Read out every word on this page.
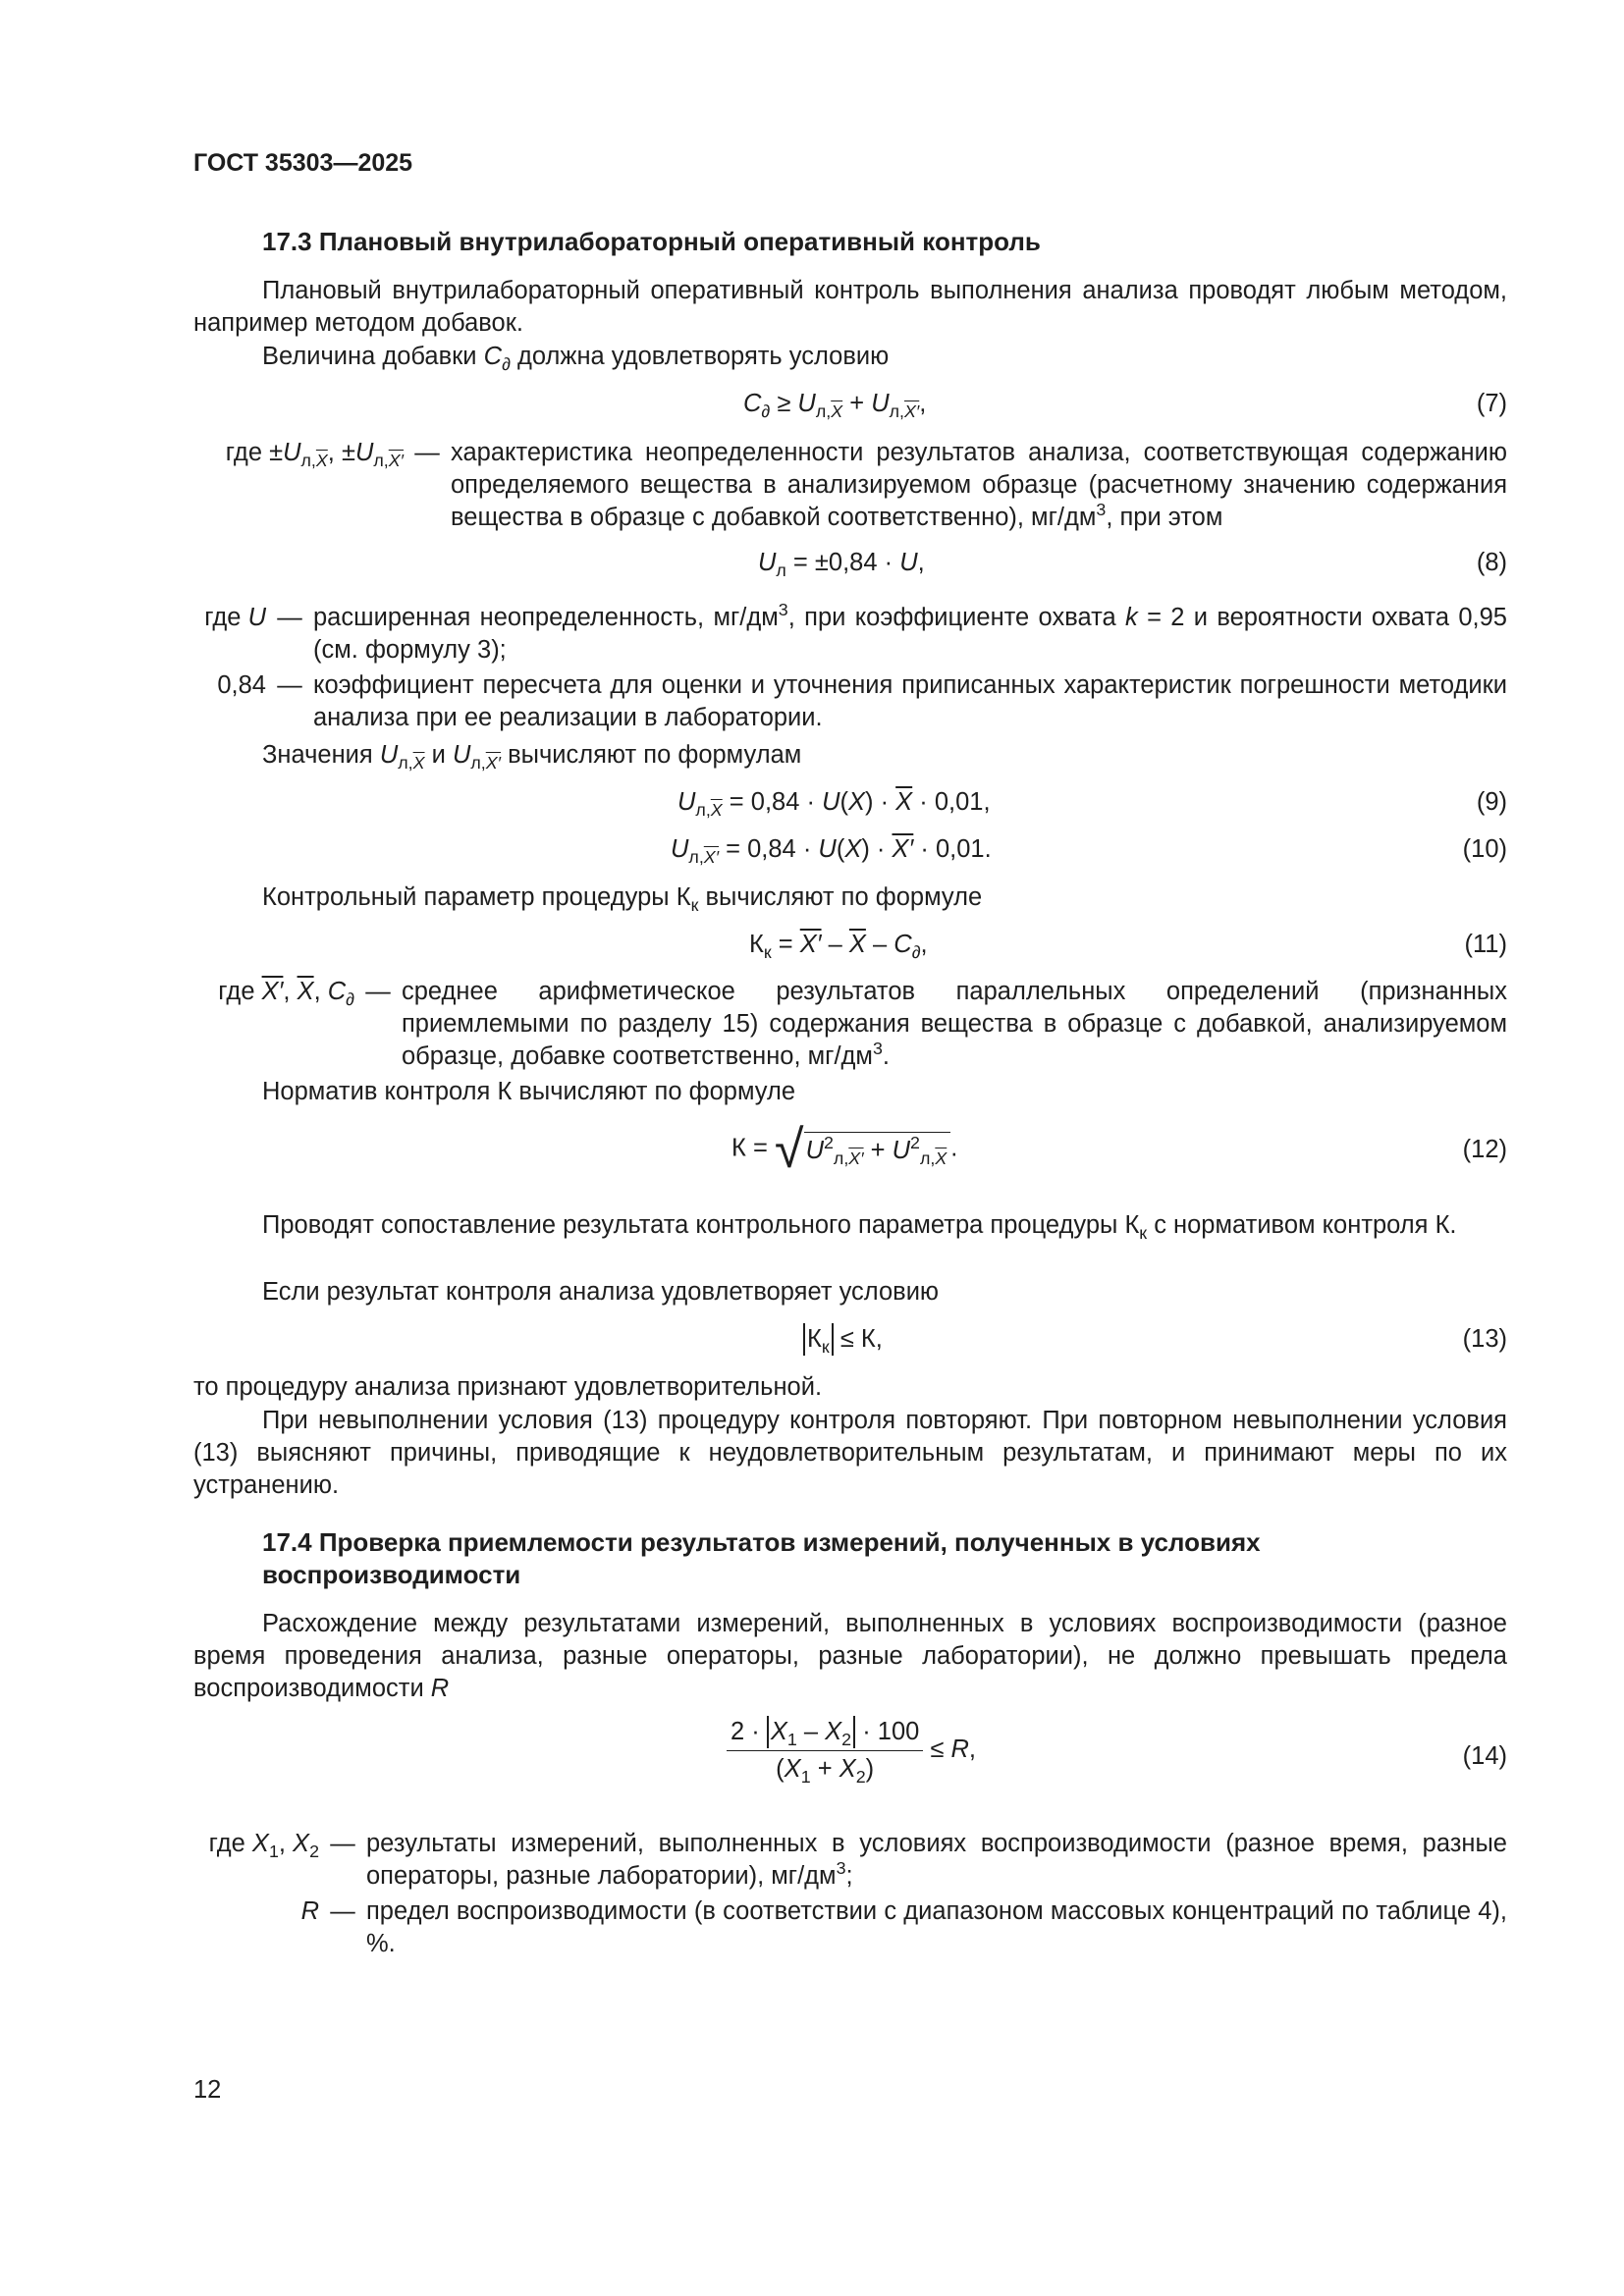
ГОСТ 35303—2025
17.3 Плановый внутрилабораторный оперативный контроль
Плановый внутрилабораторный оперативный контроль выполнения анализа проводят любым методом, например методом добавок.
Величина добавки $C_\partial$ должна удовлетворять условию
$C_\partial \ge U_{л,\overline{X}} + U_{л,X'}$,	(7)
где $\pm U_{л,\overline{X}}$, $\pm U_{л,X'}$ — характеристика неопределенности результатов анализа, соответствующая содержанию определяемого вещества в анализируемом образце (расчетному значению содержания вещества в образце с добавкой соответственно), $мг/дм^3$, при этом
$U_л = \pm 0,84 \cdot U$,	(8)
где U — расширенная неопределенность, $мг/дм^3$, при коэффициенте охвата k = 2 и вероятности охвата 0,95 (см. формулу 3);
0,84 — коэффициент пересчета для оценки и уточнения приписанных характеристик погрешности методики анализа при ее реализации в лаборатории.
Значения $U_{л,\overline{X}}$ и $U_{л,X'}$ вычисляют по формулам
$U_{л,\overline{X}} = 0,84 \cdot U(X) \cdot \overline{X} \cdot 0,01$,	(9)
$U_{л,X'} = 0,84 \cdot U(X) \cdot X' \cdot 0,01$.	(10)
Контрольный параметр процедуры $К_к$ вычисляют по формуле
$К_к = X' - \overline{X} - C_\partial$,	(11)
где X′, $\overline{X}$, $C_\partial$ — среднее арифметическое результатов параллельных определений (признанных приемлемыми по разделу 15) содержания вещества в образце с добавкой, анализируемом образце, добавке соответственно, $мг/дм^3$.
Норматив контроля К вычисляют по формуле
К = √ $U^2_{л,X'} + U^2_{л,\overline{X}}$ .	(12)
Проводят сопоставление результата контрольного параметра процедуры $К_к$ с нормативом контроля К.
Если результат контроля анализа удовлетворяет условию
$К_к \le К$,	(13)
то процедуру анализа признают удовлетворительной.
При невыполнении условия (13) процедуру контроля повторяют. При повторном невыполнении условия (13) выясняют причины, приводящие к неудовлетворительным результатам, и принимают меры по их устранению.
17.4 Проверка приемлемости результатов измерений, полученных в условиях
воспроизводимости
Расхождение между результатами измерений, выполненных в условиях воспроизводимости (разное время проведения анализа, разные операторы, разные лаборатории), не должно превышать предела воспроизводимости R
$\frac{2 \cdot X_1 - X_2 \cdot 100}{(X_1 + X_2)} \le R$,	(14)
где $X_1$, $X_2$ — результаты измерений, выполненных в условиях воспроизводимости (разное время, разные операторы, разные лаборатории), $мг/дм^3$;
R — предел воспроизводимости (в соответствии с диапазоном массовых концентраций по таблице 4), %.
12
